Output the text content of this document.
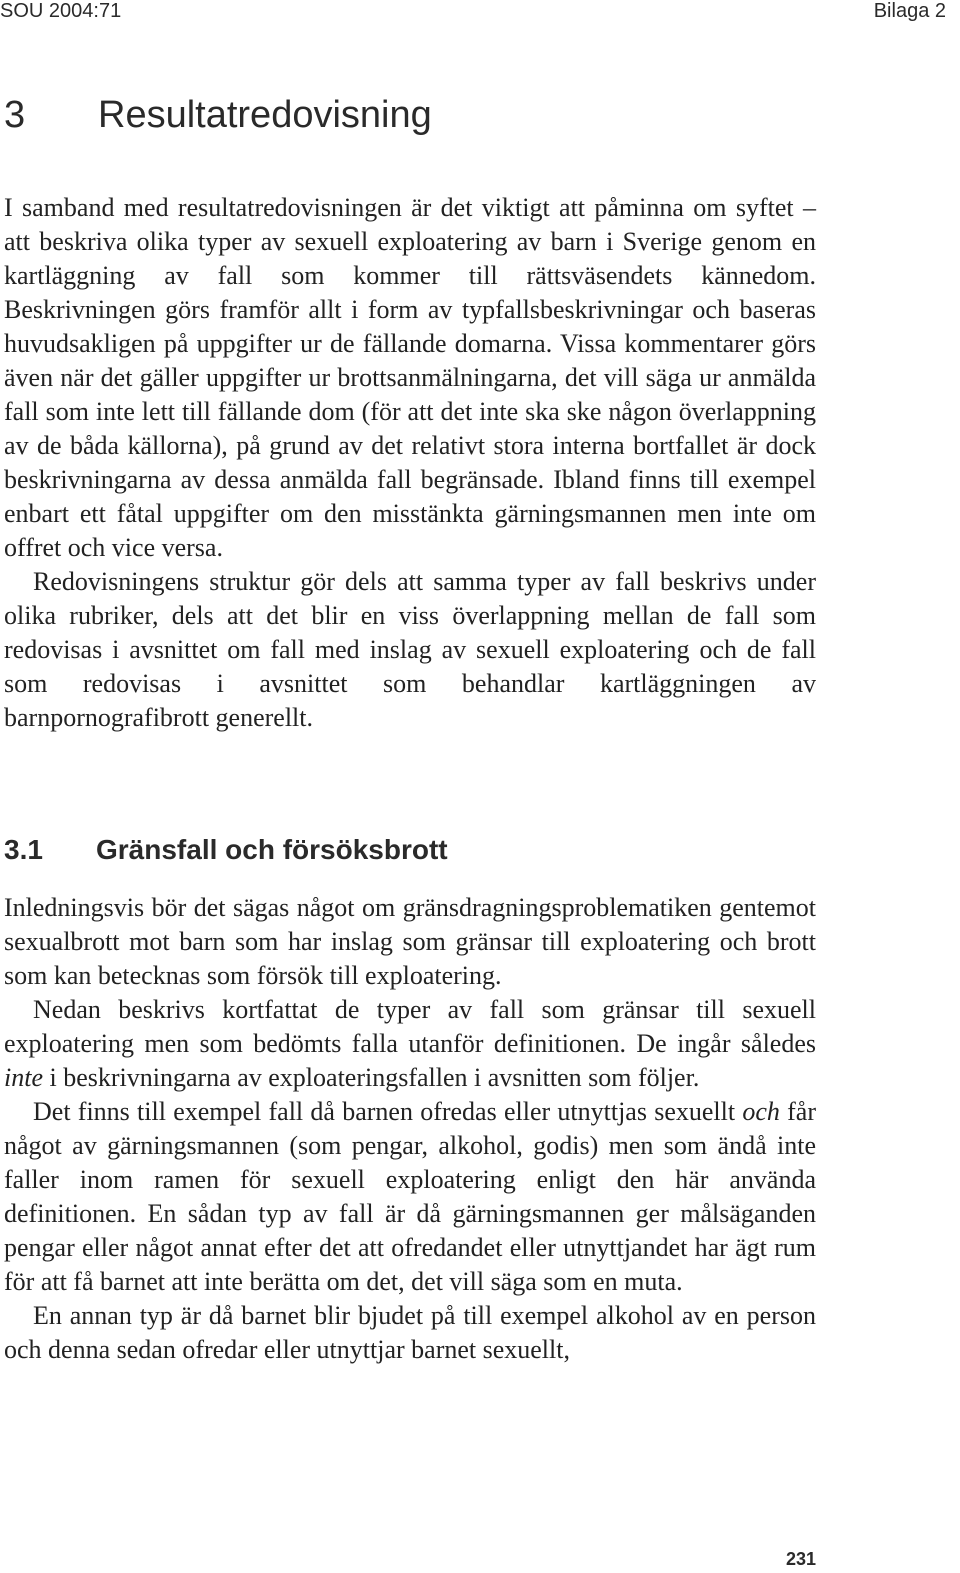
SOU 2004:71	Bilaga 2
3 Resultatredovisning

I samband med resultatredovisningen är det viktigt att påminna om syftet – att beskriva olika typer av sexuell exploatering av barn i Sverige genom en kartläggning av fall som kommer till rättsväsendets kännedom. Beskrivningen görs framför allt i form av typfallsbeskrivningar och baseras huvudsakligen på uppgifter ur de fällande domarna. Vissa kommentarer görs även när det gäller uppgifter ur brottsanmälningarna, det vill säga ur anmälda fall som inte lett till fällande dom (för att det inte ska ske någon överlappning av de båda källorna), på grund av det relativt stora interna bortfallet är dock beskrivningarna av dessa anmälda fall begränsade. Ibland finns till exempel enbart ett fåtal uppgifter om den misstänkta gärningsmannen men inte om offret och vice versa.

Redovisningens struktur gör dels att samma typer av fall beskrivs under olika rubriker, dels att det blir en viss överlappning mellan de fall som redovisas i avsnittet om fall med inslag av sexuell exploatering och de fall som redovisas i avsnittet som behandlar kartläggningen av barnpornografibrott generellt.

3.1 Gränsfall och försöksbrott

Inledningsvis bör det sägas något om gränsdragningsproblematiken gentemot sexualbrott mot barn som har inslag som gränsar till exploatering och brott som kan betecknas som försök till exploatering.

Nedan beskrivs kortfattat de typer av fall som gränsar till sexuell exploatering men som bedömts falla utanför definitionen. De ingår således inte i beskrivningarna av exploateringsfallen i avsnitten som följer.

Det finns till exempel fall då barnen ofredas eller utnyttjas sexuellt och får något av gärningsmannen (som pengar, alkohol, godis) men som ändå inte faller inom ramen för sexuell exploatering enligt den här använda definitionen. En sådan typ av fall är då gärningsmannen ger målsäganden pengar eller något annat efter det att ofredandet eller utnyttjandet har ägt rum för att få barnet att inte berätta om det, det vill säga som en muta.

En annan typ är då barnet blir bjudet på till exempel alkohol av en person och denna sedan ofredar eller utnyttjar barnet sexuellt,

231
